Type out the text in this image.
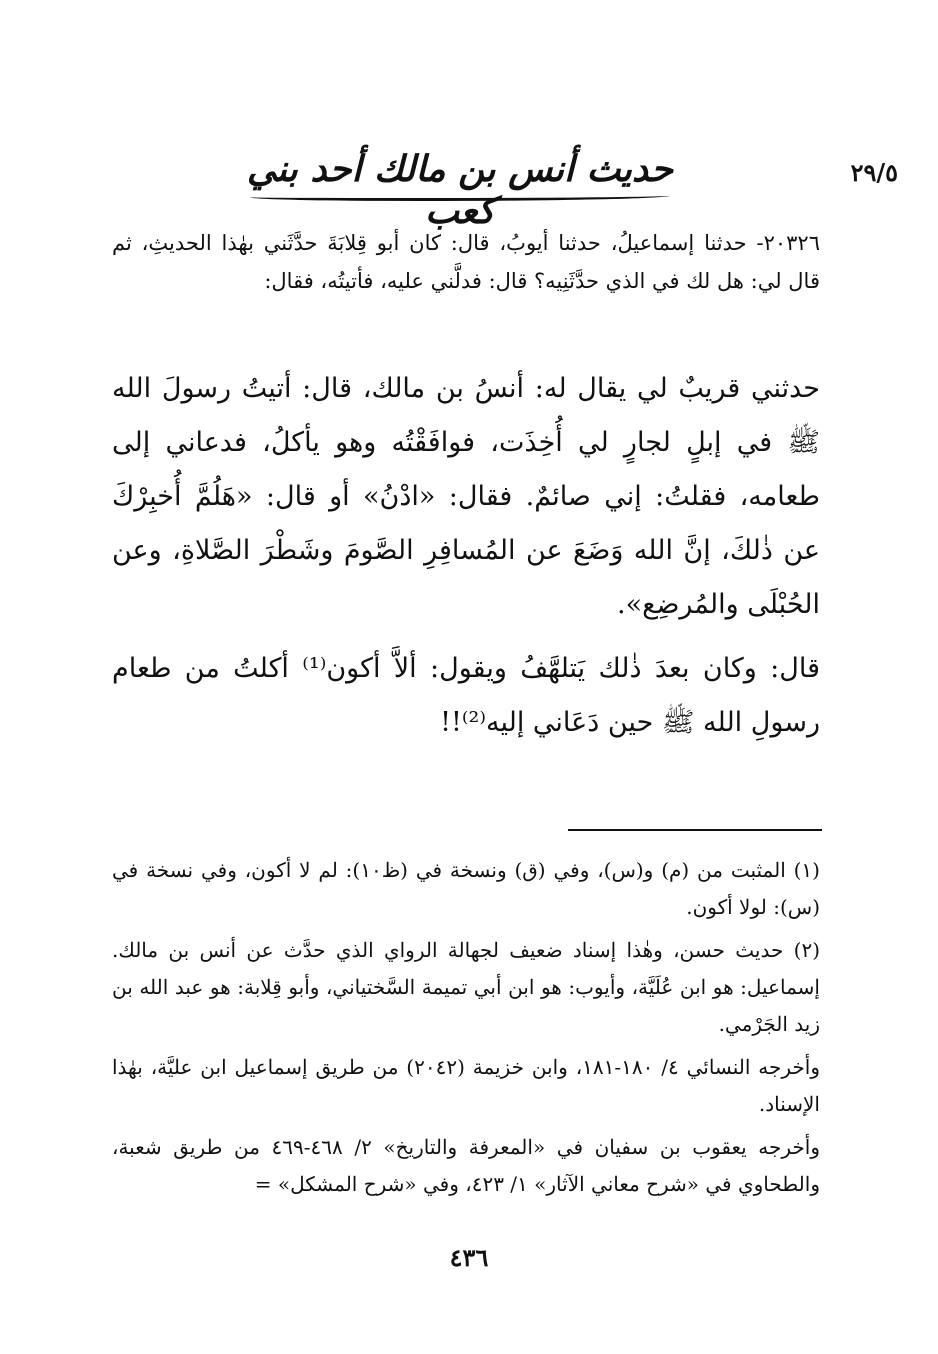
٢٩/٥
حديث أنس بن مالك أحد بني كعب
٢٠٣٢٦- حدثنا إسماعيلُ، حدثنا أيوبُ، قال: كان أبو قِلابَةَ حدَّثَني بهٰذا الحديثِ، ثم قال لي: هل لك في الذي حدَّثَنِيه؟ قال: فدلَّني عليه، فأتيتُه، فقال:

حدثني قريبٌ لي يقال له: أنسُ بن مالك، قال: أتيتُ رسولَ الله ﷺ في إبلٍ لجارٍ لي أُخِذَت، فوافَقْتُه وهو يأكلُ، فدعاني إلى طعامه، فقلتُ: إني صائمٌ. فقال: «ادْنُ» أو قال: «هَلُمَّ أُخبِرْكَ عن ذٰلكَ، إنَّ الله وَضَعَ عن المُسافِرِ الصَّومَ وشَطْرَ الصَّلاةِ، وعن الحُبْلَى والمُرضِع».

قال: وكان بعدَ ذٰلك يَتلهَّفُ ويقول: ألاَّ أكون⁽¹⁾ أكلتُ من طعام رسولِ الله ﷺ حين دَعَاني إليه⁽²⁾!!

(١) المثبت من (م) و(س)، وفي (ق) ونسخة في (ظ١٠): لم لا أكون، وفي نسخة في (س): لولا أكون.

(٢) حديث حسن، وهٰذا إسناد ضعيف لجهالة الرواي الذي حدَّث عن أنس بن مالك. إسماعيل: هو ابن عُلَيَّة، وأيوب: هو ابن أبي تميمة السَّختياني، وأبو قِلابة: هو عبد الله بن زيد الجَرْمي.

وأخرجه النسائي ٤/ ١٨٠-١٨١، وابن خزيمة (٢٠٤٢) من طريق إسماعيل ابن عليَّة، بهٰذا الإسناد.

وأخرجه يعقوب بن سفيان في «المعرفة والتاريخ» ٢/ ٤٦٨-٤٦٩ من طريق شعبة، والطحاوي في «شرح معاني الآثار» ١/ ٤٢٣، وفي «شرح المشكل» =

٤٣٦
